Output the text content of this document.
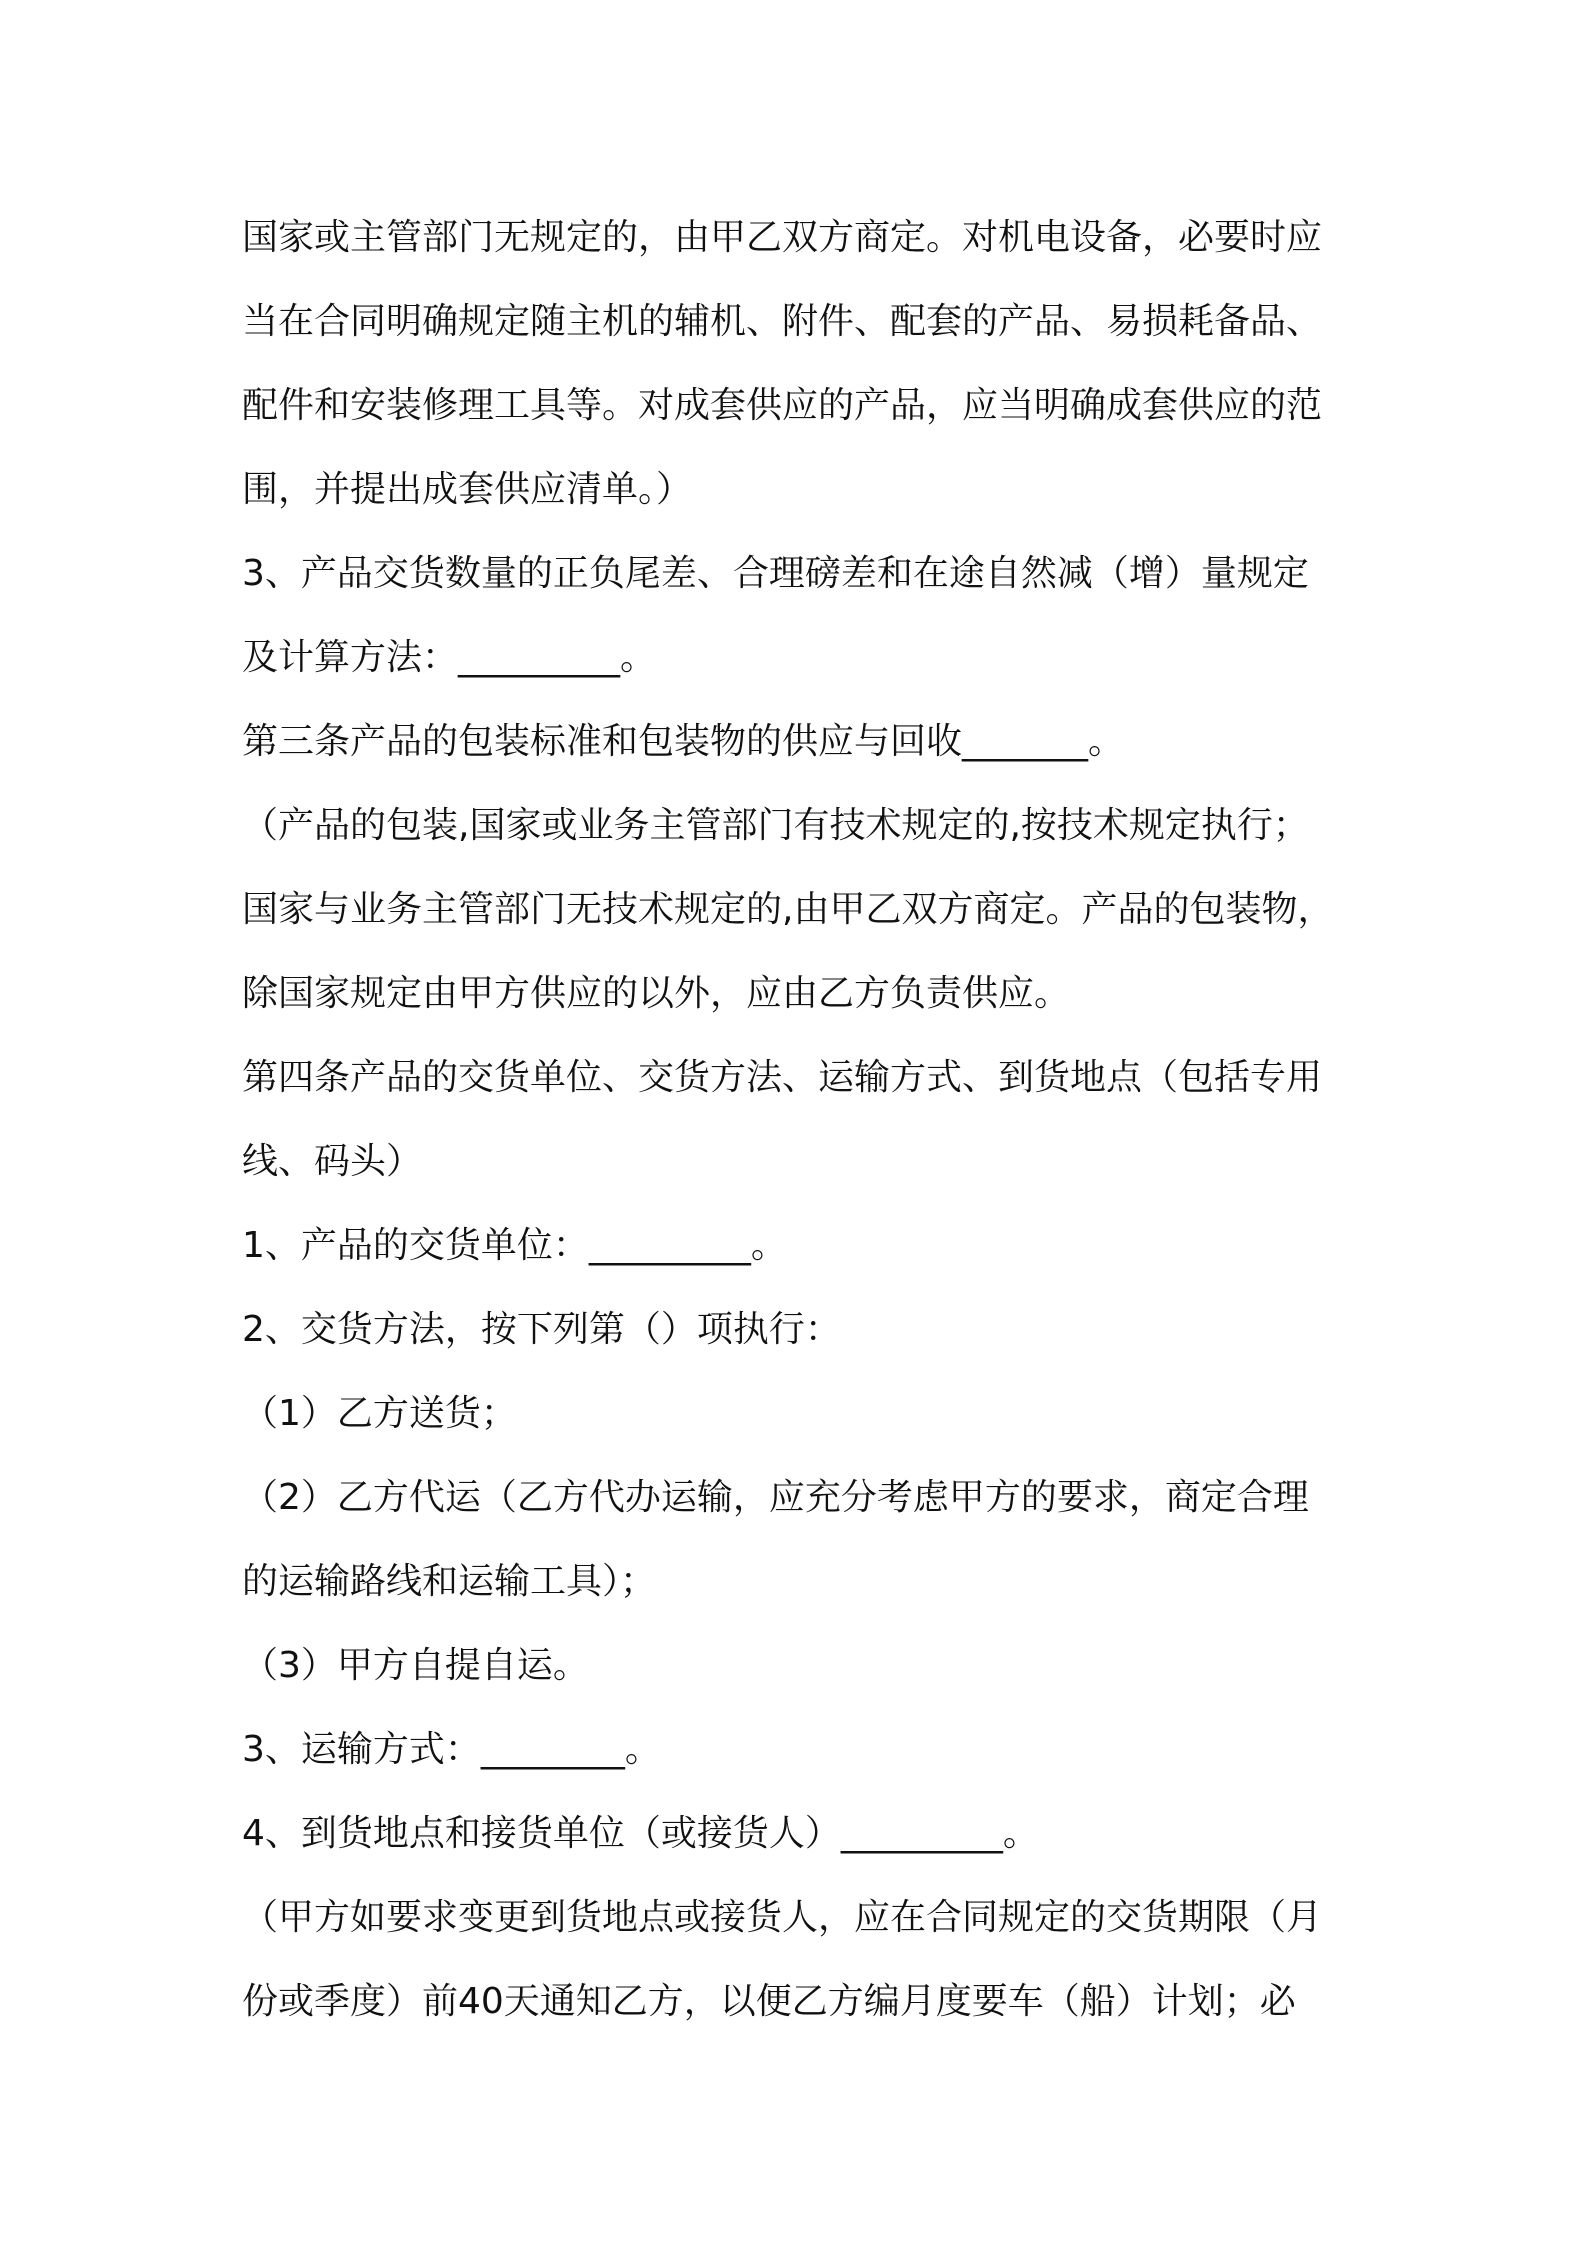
国家或主管部门无规定的，由甲乙双方商定。对机电设备，必要时应
当在合同明确规定随主机的辅机、附件、配套的产品、易损耗备品、
配件和安装修理工具等。对成套供应的产品，应当明确成套供应的范
围，并提出成套供应清单。）
3、产品交货数量的正负尾差、合理磅差和在途自然减（增）量规定
及计算方法：_________。
第三条产品的包装标准和包装物的供应与回收_______。
（产品的包装,国家或业务主管部门有技术规定的,按技术规定执行；
国家与业务主管部门无技术规定的,由甲乙双方商定。产品的包装物，
除国家规定由甲方供应的以外，应由乙方负责供应。
第四条产品的交货单位、交货方法、运输方式、到货地点（包括专用
线、码头）
1、产品的交货单位：_________。
2、交货方法，按下列第（）项执行：
（1）乙方送货；
（2）乙方代运（乙方代办运输，应充分考虑甲方的要求，商定合理
的运输路线和运输工具）；
（3）甲方自提自运。
3、运输方式：________。
4、到货地点和接货单位（或接货人）_________。
（甲方如要求变更到货地点或接货人，应在合同规定的交货期限（月
份或季度）前40天通知乙方，以便乙方编月度要车（船）计划；必
